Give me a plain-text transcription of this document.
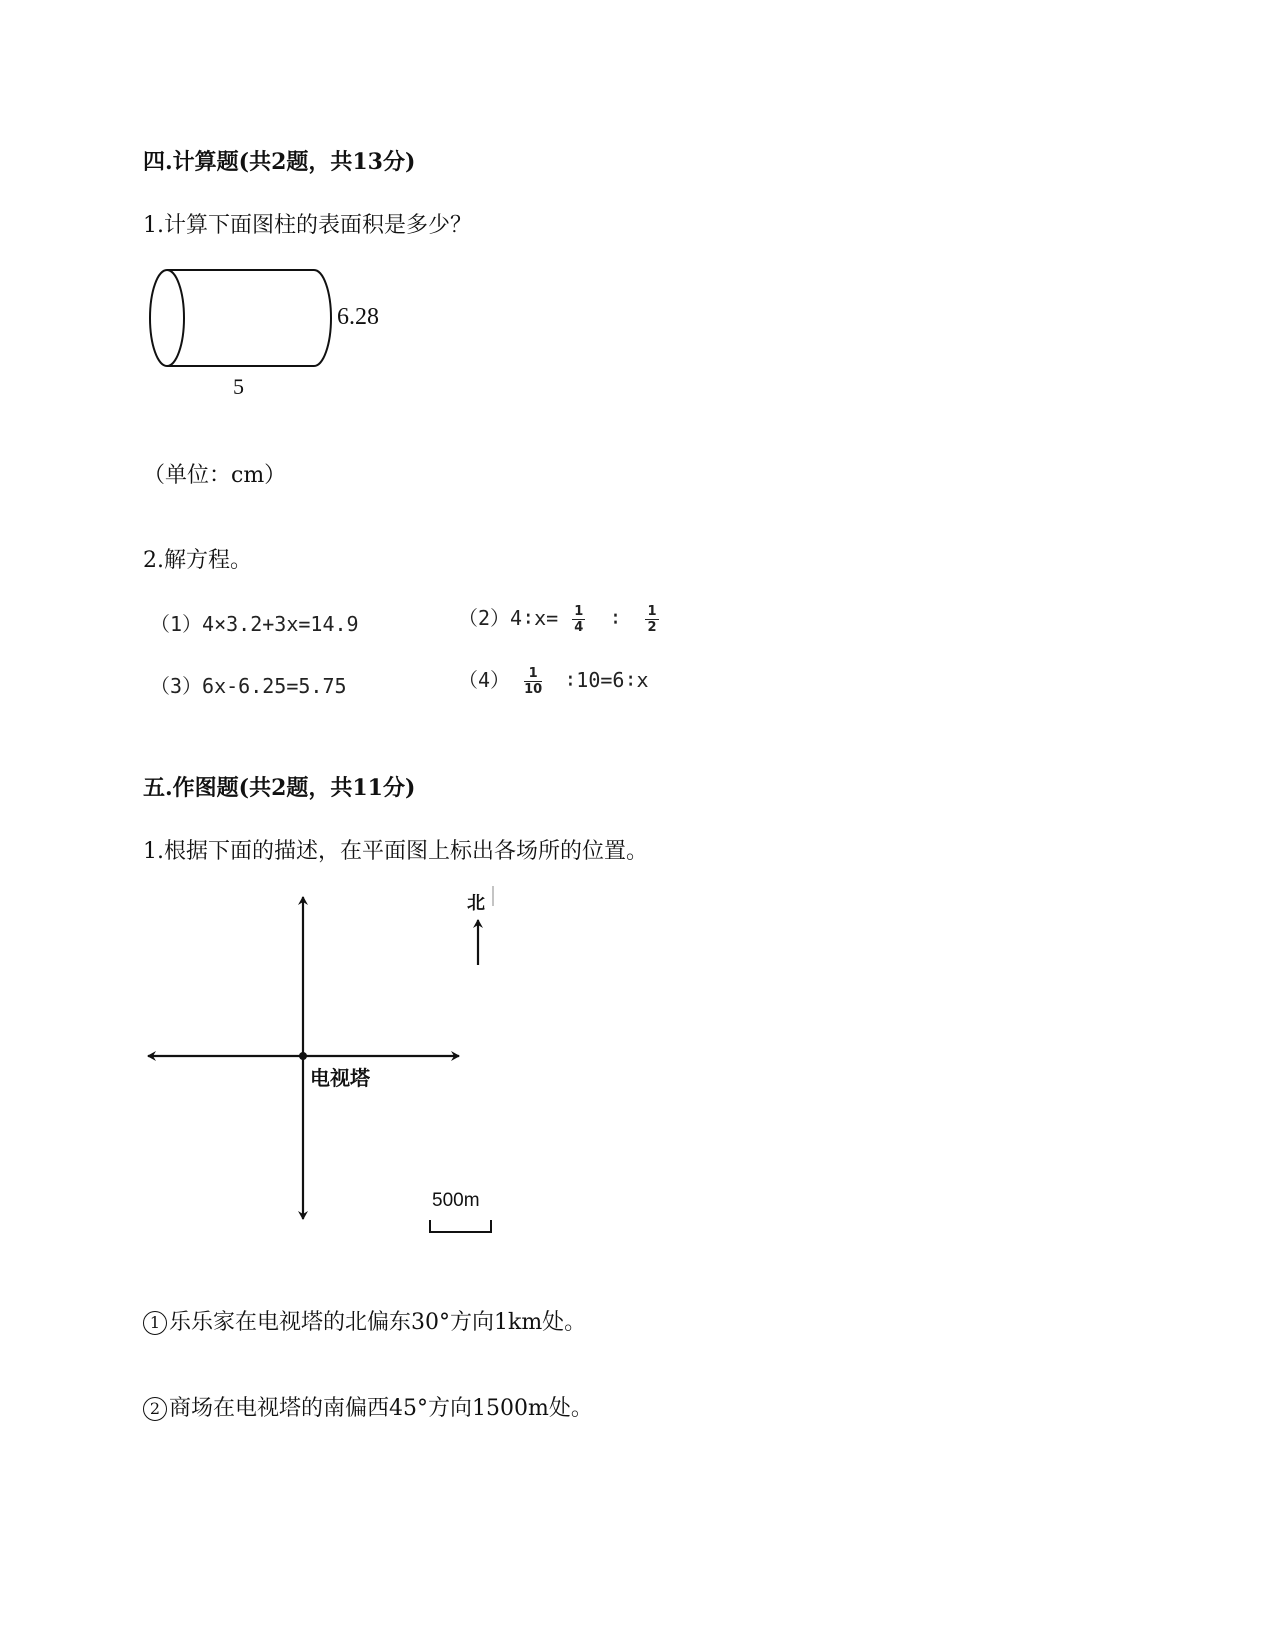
四.计算题(共2题，共13分)
1.计算下面图柱的表面积是多少？
6.28
5
（单位：cm）
2.解方程。
（1）4×3.2+3x=14.9	（2）4∶x= $\frac{1}{4}$ ∶ $\frac{1}{2}$
（3）6x-6.25=5.75	$(4) \frac{1}{10}$ ∶10=6∶x
五.作图题(共2题，共11分)
1.根据下面的描述，在平面图上标出各场所的位置。
北
电视塔
500m
1 乐乐家在电视塔的北偏东30°方向1km处。
2 商场在电视塔的南偏西45°方向1500m处。
